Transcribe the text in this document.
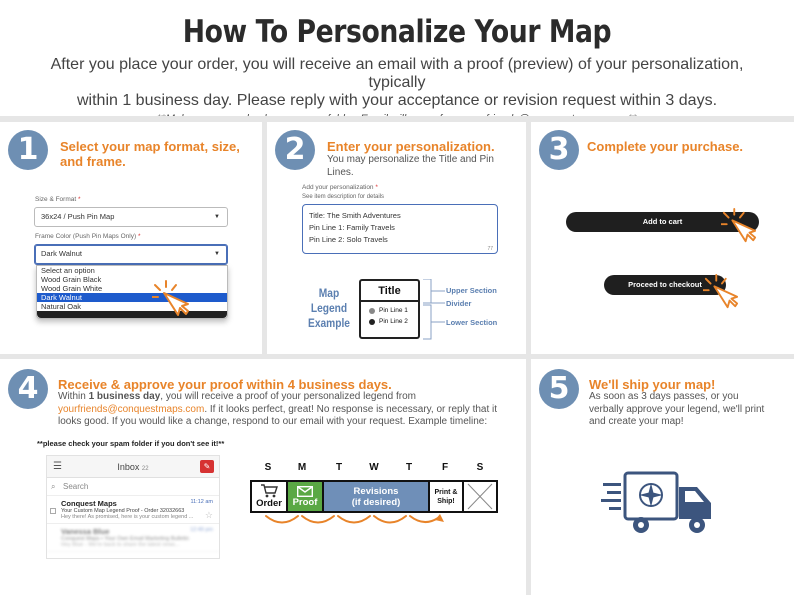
How To Personalize Your Map
After you place your order, you will receive an email with a proof (preview) of your personalization, typically
within 1 business day. Please reply with your acceptance or revision request within 3 days.
1	Select your map format, size,
and frame.
Size & Format *
36x24 / Push Pin Map	▼
Frame Color (Push Pin Maps Only) *
Dark Walnut	▼
Select an option
Wood Grain Black
Wood Grain White
Dark Walnut
Natural Oak
2	Enter your personalization.
You may personalize the Title and Pin Lines.
Add your personalization *
See item description for details
Title: The Smith Adventures
Pin Line 1: Family Travels
Pin Line 2: Solo Travels
77
Map
Legend
Example
Title
Pin Line 1
Pin Line 2
Upper Section
Divider
Lower Section
3	Complete your purchase.
Add to cart
Proceed to checkout
4	Receive & approve your proof within 4 business days.
Within 1 business day, you will receive a proof of your personalized legend from
yourfriends@conquestmaps.com. If it looks perfect, great! No response is necessary, or reply that it
looks good. If you would like a change, respond to our email with your request. Example timeline:
**please check your spam folder if you don't see it!**
☰	Inbox 22	✎
⌕ Search
Conquest Maps
Your Custom Map Legend Proof - Order 32032663
Hey there! As promised, here is your custom legend ...
11:12 am
☆
Vanessa Blue
Conquest Maps • Your Own Email Marketing Bulletin
Hey Blue - We're back to share the latest news...
12:49 pm
S	M	T	W	T	F	S
Order Proof
Revisions
(if desired)
Print &
Ship!
5	We'll ship your map!
As soon as 3 days passes, or you
verbally approve your legend, we'll print
and create your map!
